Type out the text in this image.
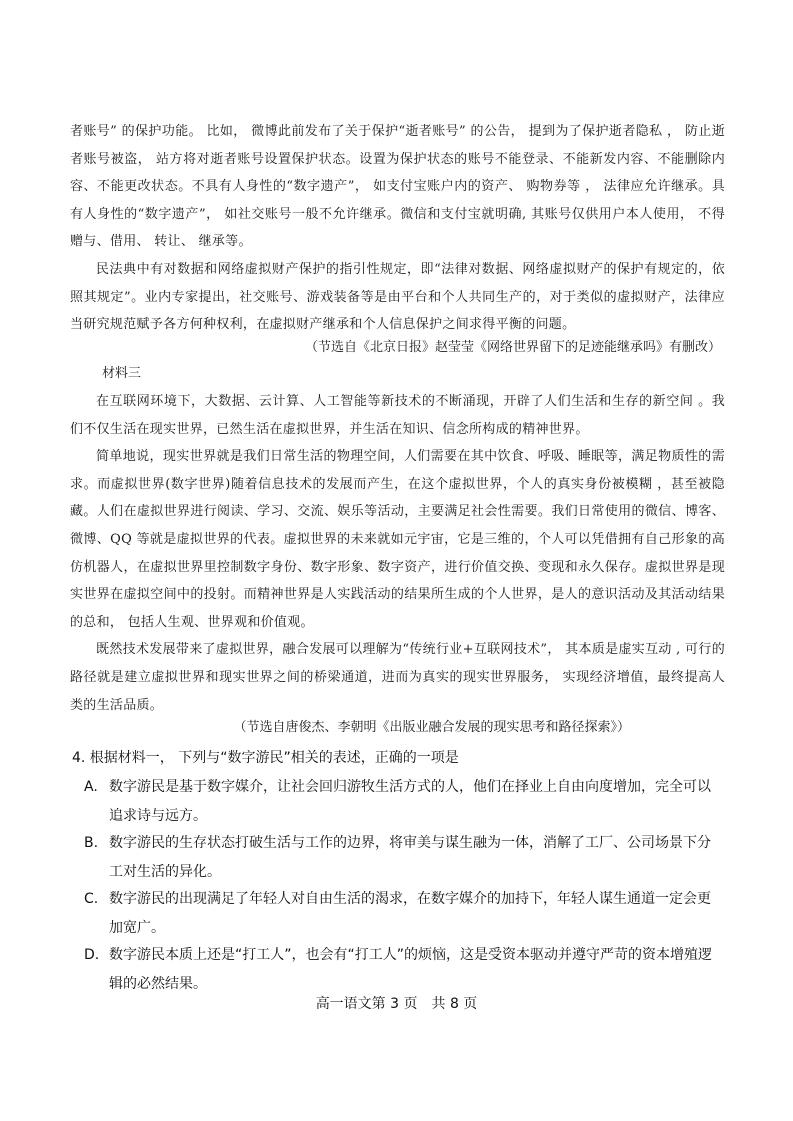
者账号” 的保护功能。 比如， 微博此前发布了关于保护“逝者账号” 的公告， 提到为了保护逝者隐私 ， 防止逝者账号被盗， 站方将对逝者账号设置保护状态。设置为保护状态的账号不能登录、不能新发内容、不能删除内容、不能更改状态。不具有人身性的“数字遗产”， 如支付宝账户内的资产、 购物券等 ， 法律应允许继承。具有人身性的“数字遗产”， 如社交账号一般不允许继承。微信和支付宝就明确, 其账号仅供用户本人使用， 不得赠与、借用、 转让、 继承等。

民法典中有对数据和网络虚拟财产保护的指引性规定，即“法律对数据、网络虚拟财产的保护有规定的，依照其规定”。业内专家提出，社交账号、游戏装备等是由平台和个人共同生产的，对于类似的虚拟财产，法律应当研究规范赋予各方何种权利，在虚拟财产继承和个人信息保护之间求得平衡的问题。

（节选自《北京日报》赵莹莹《网络世界留下的足迹能继承吗》有删改）
材料三

在互联网环境下，大数据、云计算、人工智能等新技术的不断涌现，开辟了人们生活和生存的新空间 。我们不仅生活在现实世界，已然生活在虚拟世界，并生活在知识、信念所构成的精神世界。

简单地说，现实世界就是我们日常生活的物理空间，人们需要在其中饮食、呼吸、睡眠等，满足物质性的需求。而虚拟世界(数字世界)随着信息技术的发展而产生，在这个虚拟世界，个人的真实身份被模糊 ，甚至被隐藏。人们在虚拟世界进行阅读、学习、交流、娱乐等活动，主要满足社会性需要。我们日常使用的微信、博客、微博、QQ 等就是虚拟世界的代表。虚拟世界的未来就如元宇宙，它是三维的，个人可以凭借拥有自己形象的高仿机器人，在虚拟世界里控制数字身份、数字形象、数字资产，进行价值交换、变现和永久保存。虚拟世界是现实世界在虚拟空间中的投射。而精神世界是人实践活动的结果所生成的个人世界，是人的意识活动及其活动结果的总和， 包括人生观、世界观和价值观。

既然技术发展带来了虚拟世界，融合发展可以理解为“传统行业+互联网技术”， 其本质是虚实互动 , 可行的路径就是建立虚拟世界和现实世界之间的桥梁通道，进而为真实的现实世界服务， 实现经济增值，最终提高人类的生活品质。

（节选自唐俊杰、李朝明《出版业融合发展的现实思考和路径探索》）
4. 根据材料一， 下列与“数字游民”相关的表述，正确的一项是
A. 数字游民是基于数字媒介，让社会回归游牧生活方式的人，他们在择业上自由向度增加，完全可以追求诗与远方。
B. 数字游民的生存状态打破生活与工作的边界，将审美与谋生融为一体，消解了工厂、公司场景下分工对生活的异化。
C. 数字游民的出现满足了年轻人对自由生活的渴求，在数字媒介的加持下，年轻人谋生通道一定会更加宽广。
D. 数字游民本质上还是“打工人”，也会有“打工人”的烦恼，这是受资本驱动并遵守严苛的资本增殖逻辑的必然结果。
高一语文第 3 页　共 8 页
